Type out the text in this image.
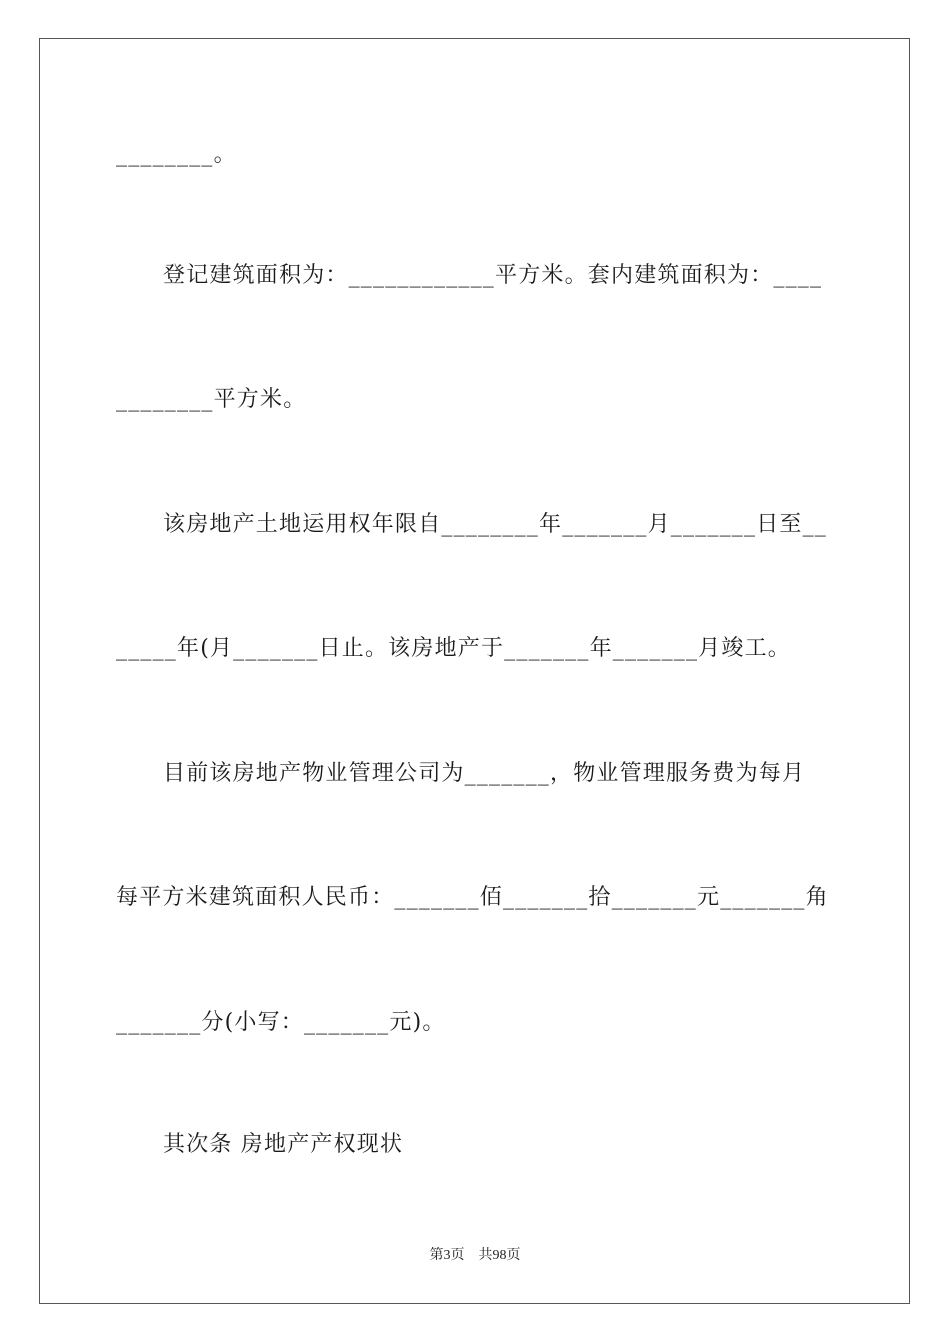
________。
登记建筑面积为：____________平方米。套内建筑面积为：____
________平方米。
该房地产土地运用权年限自________年_______月_______日至__
_____年(月_______日止。该房地产于_______年_______月竣工。
目前该房地产物业管理公司为_______，物业管理服务费为每月
每平方米建筑面积人民币：_______佰_______拾_______元_______角
_______分(小写：_______元)。
其次条 房地产产权现状
第3页　共98页
